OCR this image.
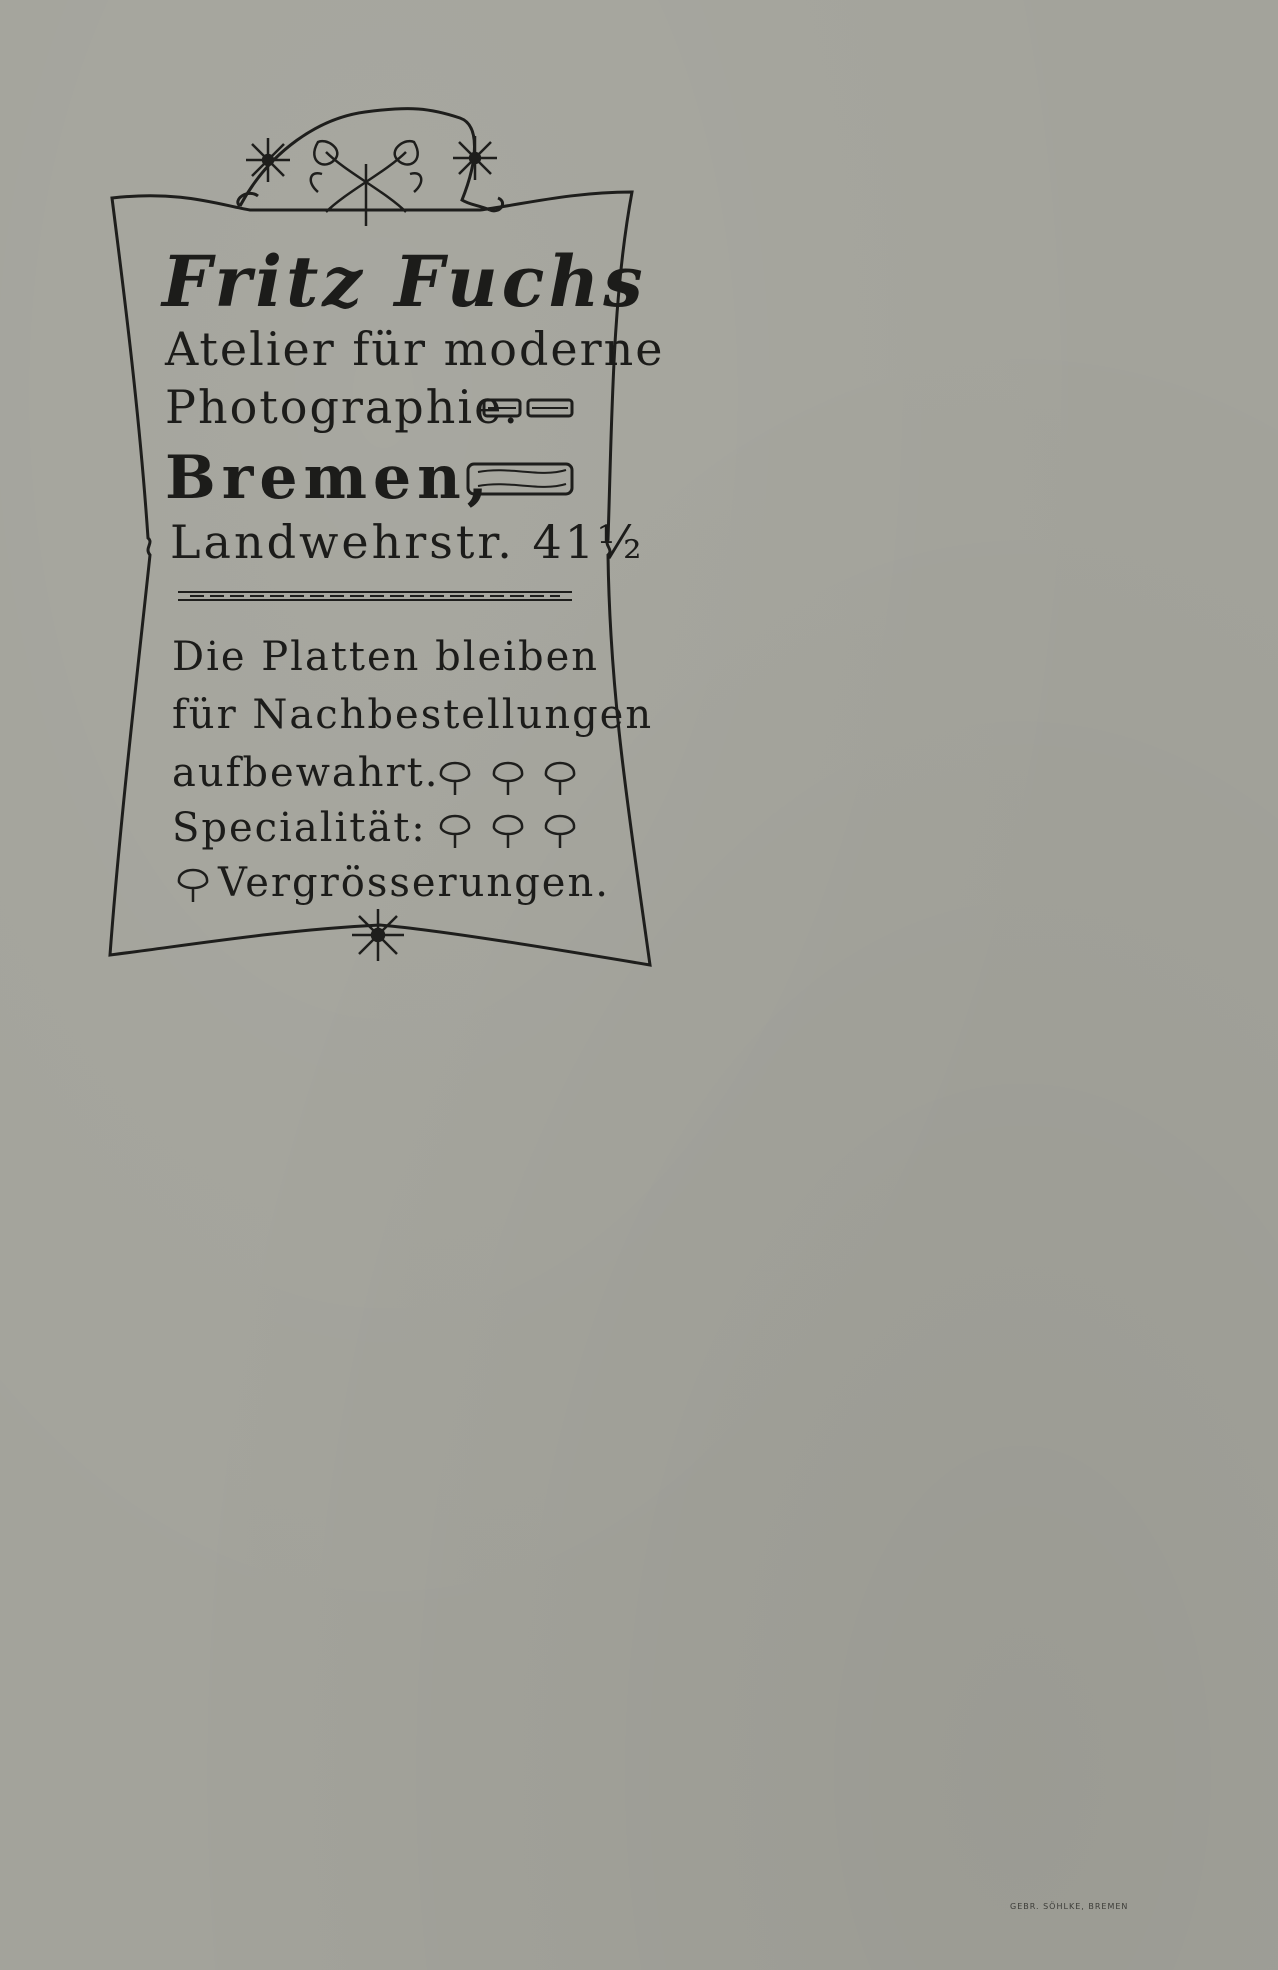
Fritz Fuchs
Atelier für moderne
Photographie.
Bremen,
Landwehrstr. 41½
Die Platten bleiben
für Nachbestellungen
aufbewahrt.
Specialität:
Vergrösserungen.
GEBR. SÖHLKE, BREMEN
